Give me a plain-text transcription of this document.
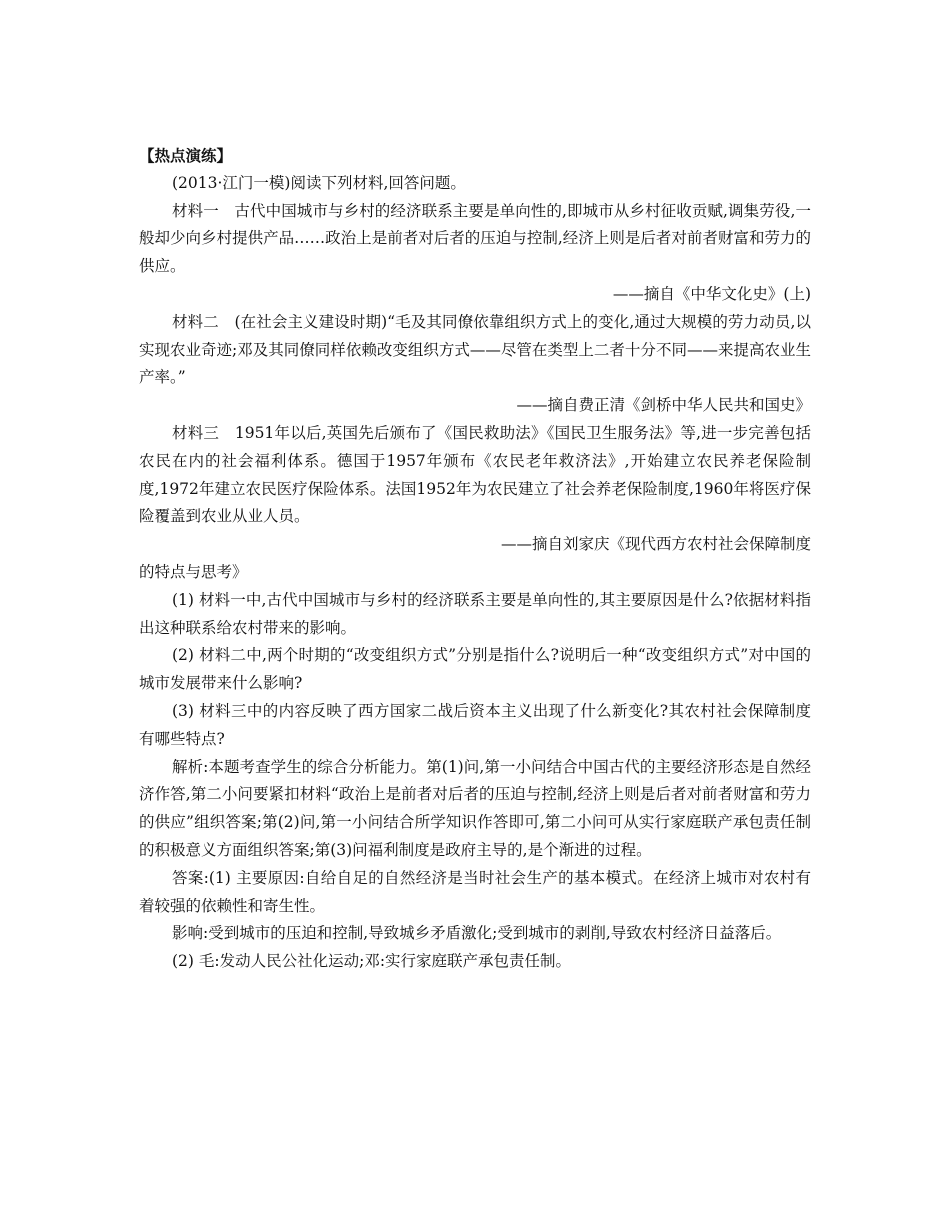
【热点演练】

(2013·江门一模)阅读下列材料,回答问题。

材料一　古代中国城市与乡村的经济联系主要是单向性的,即城市从乡村征收贡赋,调集劳役,一般却少向乡村提供产品……政治上是前者对后者的压迫与控制,经济上则是后者对前者财富和劳力的供应。

——摘自《中华文化史》(上)

材料二　(在社会主义建设时期)“毛及其同僚依靠组织方式上的变化,通过大规模的劳力动员,以实现农业奇迹;邓及其同僚同样依赖改变组织方式——尽管在类型上二者十分不同——来提高农业生产率。”

——摘自费正清《剑桥中华人民共和国史》

材料三　1951年以后,英国先后颁布了《国民救助法》《国民卫生服务法》等,进一步完善包括农民在内的社会福利体系。德国于1957年颁布《农民老年救济法》,开始建立农民养老保险制度,1972年建立农民医疗保险体系。法国1952年为农民建立了社会养老保险制度,1960年将医疗保险覆盖到农业从业人员。

——摘自刘家庆《现代西方农村社会保障制度

的特点与思考》

(1) 材料一中,古代中国城市与乡村的经济联系主要是单向性的,其主要原因是什么?依据材料指出这种联系给农村带来的影响。

(2) 材料二中,两个时期的“改变组织方式”分别是指什么?说明后一种“改变组织方式”对中国的城市发展带来什么影响?

(3) 材料三中的内容反映了西方国家二战后资本主义出现了什么新变化?其农村社会保障制度有哪些特点?

解析:本题考查学生的综合分析能力。第(1)问,第一小问结合中国古代的主要经济形态是自然经济作答,第二小问要紧扣材料“政治上是前者对后者的压迫与控制,经济上则是后者对前者财富和劳力的供应”组织答案;第(2)问,第一小问结合所学知识作答即可,第二小问可从实行家庭联产承包责任制的积极意义方面组织答案;第(3)问福利制度是政府主导的,是个渐进的过程。

答案:(1) 主要原因:自给自足的自然经济是当时社会生产的基本模式。在经济上城市对农村有着较强的依赖性和寄生性。

影响:受到城市的压迫和控制,导致城乡矛盾激化;受到城市的剥削,导致农村经济日益落后。

(2) 毛:发动人民公社化运动;邓:实行家庭联产承包责任制。
